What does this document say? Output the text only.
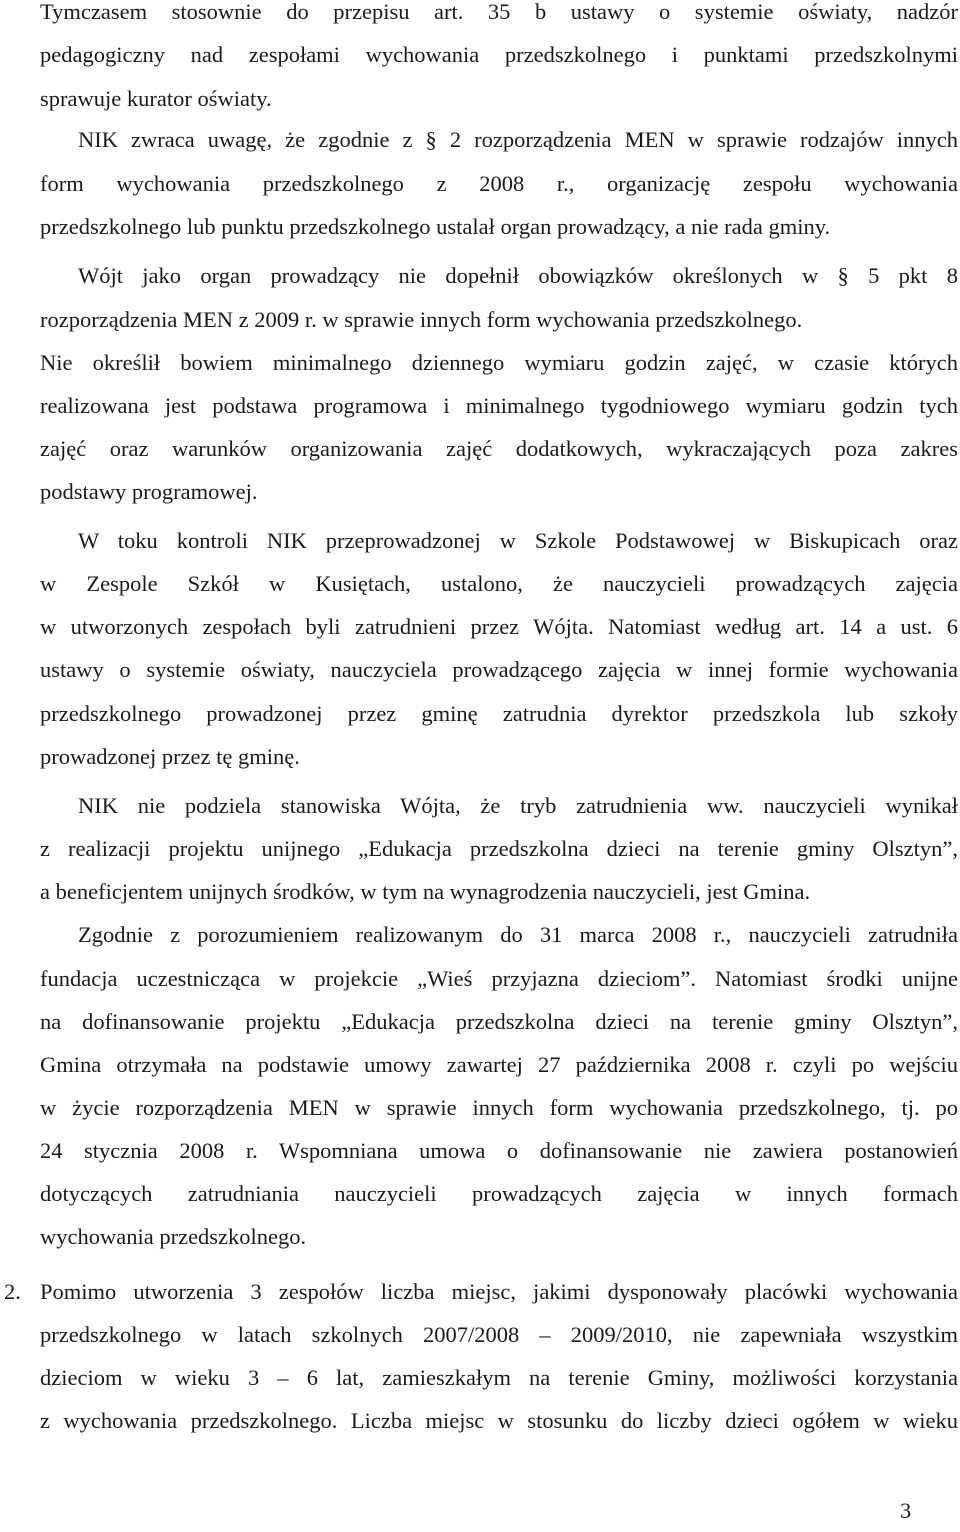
Tymczasem stosownie do przepisu art. 35 b ustawy o systemie oświaty, nadzór
pedagogiczny nad zespołami wychowania przedszkolnego i punktami przedszkolnymi
sprawuje kurator oświaty.
NIK zwraca uwagę, że zgodnie z § 2 rozporządzenia MEN w sprawie rodzajów innych
form wychowania przedszkolnego z 2008 r., organizację zespołu wychowania
przedszkolnego lub punktu przedszkolnego ustalał organ prowadzący, a nie rada gminy.
Wójt jako organ prowadzący nie dopełnił obowiązków określonych w § 5 pkt 8
rozporządzenia MEN z 2009 r. w sprawie innych form wychowania przedszkolnego.
Nie określił bowiem minimalnego dziennego wymiaru godzin zajęć, w czasie których
realizowana jest podstawa programowa i minimalnego tygodniowego wymiaru godzin tych
zajęć oraz warunków organizowania zajęć dodatkowych, wykraczających poza zakres
podstawy programowej.
W toku kontroli NIK przeprowadzonej w Szkole Podstawowej w Biskupicach oraz
w Zespole Szkół w Kusiętach, ustalono, że nauczycieli prowadzących zajęcia
w utworzonych zespołach byli zatrudnieni przez Wójta. Natomiast według art. 14 a ust. 6
ustawy o systemie oświaty, nauczyciela prowadzącego zajęcia w innej formie wychowania
przedszkolnego prowadzonej przez gminę zatrudnia dyrektor przedszkola lub szkoły
prowadzonej przez tę gminę.
NIK nie podziela stanowiska Wójta, że tryb zatrudnienia ww. nauczycieli wynikał
z realizacji projektu unijnego „Edukacja przedszkolna dzieci na terenie gminy Olsztyn”,
a beneficjentem unijnych środków, w tym na wynagrodzenia nauczycieli, jest Gmina.
Zgodnie z porozumieniem realizowanym do 31 marca 2008 r., nauczycieli zatrudniła
fundacja uczestnicząca w projekcie „Wieś przyjazna dzieciom”. Natomiast środki unijne
na dofinansowanie projektu „Edukacja przedszkolna dzieci na terenie gminy Olsztyn”,
Gmina otrzymała na podstawie umowy zawartej 27 października 2008 r. czyli po wejściu
w życie rozporządzenia MEN w sprawie innych form wychowania przedszkolnego, tj. po
24 stycznia 2008 r. Wspomniana umowa o dofinansowanie nie zawiera postanowień
dotyczących zatrudniania nauczycieli prowadzących zajęcia w innych formach
wychowania przedszkolnego.
2. Pomimo utworzenia 3 zespołów liczba miejsc, jakimi dysponowały placówki wychowania
przedszkolnego w latach szkolnych 2007/2008 – 2009/2010, nie zapewniała wszystkim
dzieciom w wieku 3 – 6 lat, zamieszkałym na terenie Gminy, możliwości korzystania
z wychowania przedszkolnego. Liczba miejsc w stosunku do liczby dzieci ogółem w wieku
3
